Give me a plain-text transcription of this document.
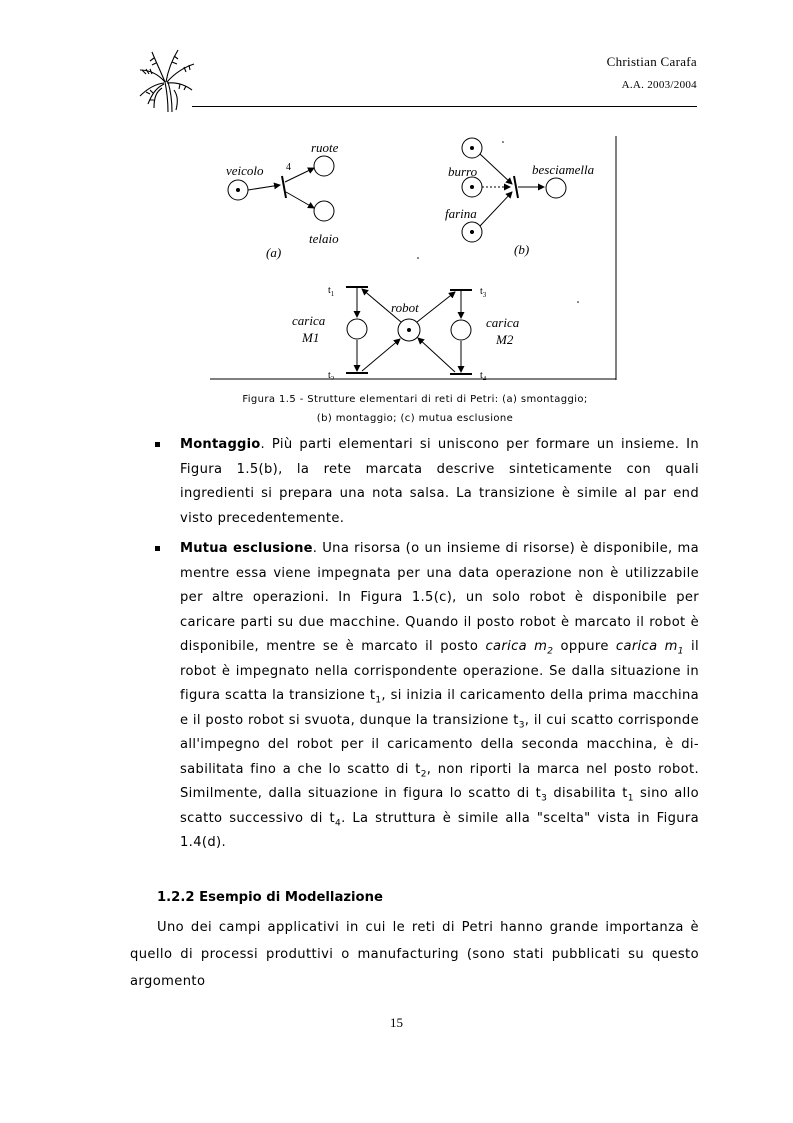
Christian Carafa
A.A. 2003/2004
veicolo 4
ruote
telaio
(a)
burro
farina
besciamella
(b)
$t_1$
$t_2$
$t_3$
$t_4$
robot
carica
M1
carica
M2
Figura 1.5 - Strutture elementari di reti di Petri: (a) smontaggio;
(b) montaggio; (c) mutua esclusione
Montaggio. Più parti elementari si uniscono per formare un insieme. In Figura 1.5(b), la rete marcata descrive sinteticamente con quali ingredienti si prepara una nota salsa. La transizione è simile al par end visto precedentemente.
Mutua esclusione. Una risorsa (o un insieme di risorse) è disponibile, ma mentre essa viene impegnata per una data operazione non è utilizzabile per altre operazioni. In Figura 1.5(c), un solo robot è disponibile per caricare parti su due macchine. Quando il posto robot è marcato il robot è disponibile, mentre se è marcato il posto carica $m_2$ oppure carica $m_1$ il robot è impegnato nella corrispondente operazione. Se dalla situazione in figura scatta la transizione $t_1$, si inizia il caricamento della prima macchina e il posto robot si svuota, dunque la transizione $t_3$, il cui scatto corrisponde all'impegno del robot per il caricamento della seconda macchina, è di-sabilitata fino a che lo scatto di $t_2$, non riporti la marca nel posto robot. Similmente, dalla situazione in figura lo scatto di $t_3$ disabilita $t_1$ sino allo scatto successivo di $t_4$. La struttura è simile alla "scelta" vista in Figura 1.4(d).
1.2.2 Esempio di Modellazione
Uno dei campi applicativi in cui le reti di Petri hanno grande importanza è quello di processi produttivi o manufacturing (sono stati pubblicati su questo argomento
15
